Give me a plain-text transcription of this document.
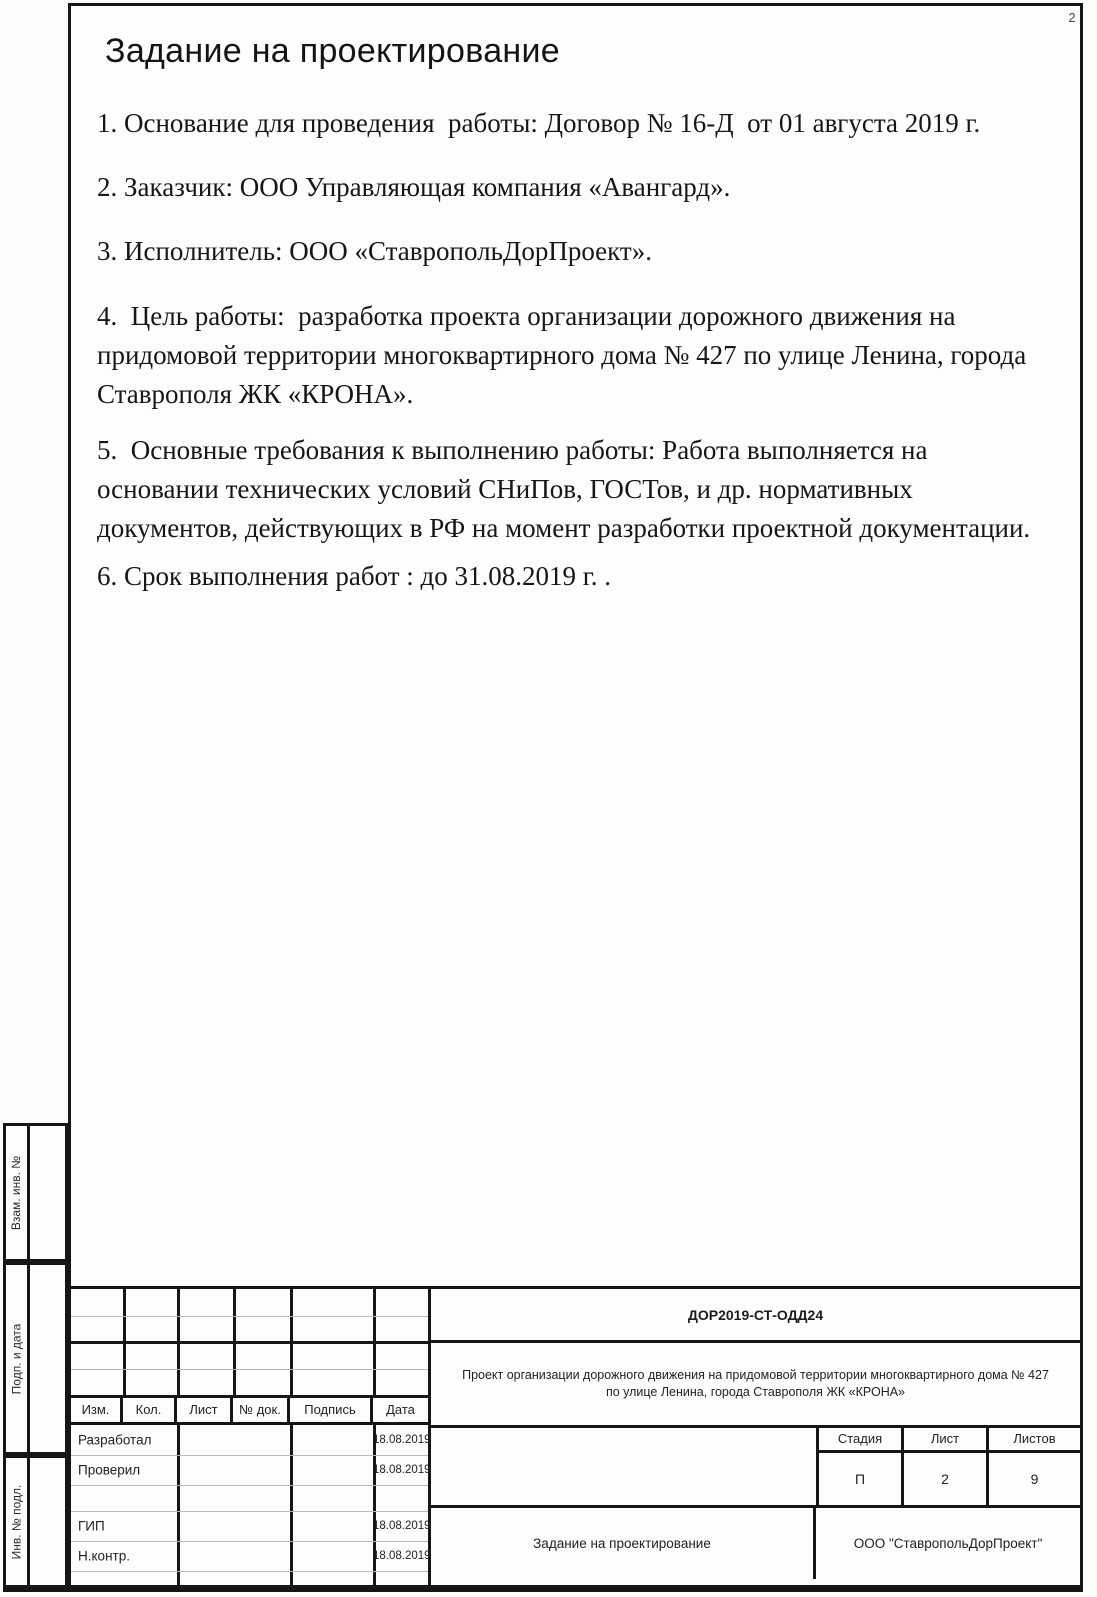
2
Задание на проектирование

1. Основание для проведения  работы: Договор № 16-Д  от 01 августа 2019 г.

2. Заказчик: ООО Управляющая компания «Авангард».

3. Исполнитель: ООО «СтавропольДорПроект».

4.  Цель работы:  разработка проекта организации дорожного движения на придомовой территории многоквартирного дома № 427 по улице Ленина, города Ставрополя ЖК «КРОНА».

5.  Основные требования к выполнению работы: Работа выполняется на основании технических условий СНиПов, ГОСТов, и др. нормативных документов, действующих в РФ на момент разработки проектной документации.

6. Срок выполнения работ : до 31.08.2019 г. .

Взам. инв. №
Подп. и дата
Инв. № подл.
Изм.	Кол.	Лист	№ док.	Подпись	Дата
Разработал	18.08.2019
Проверил	18.08.2019
ГИП	18.08.2019
Н.контр.	18.08.2019
ДОР2019-СТ-ОДД24
Проект организации дорожного движения на придомовой территории многоквартирного дома № 427 по улице Ленина, города Ставрополя ЖК «КРОНА»
Стадия	Лист	Листов
П	2	9
Задание на проектирование	ООО "СтавропольДорПроект"
